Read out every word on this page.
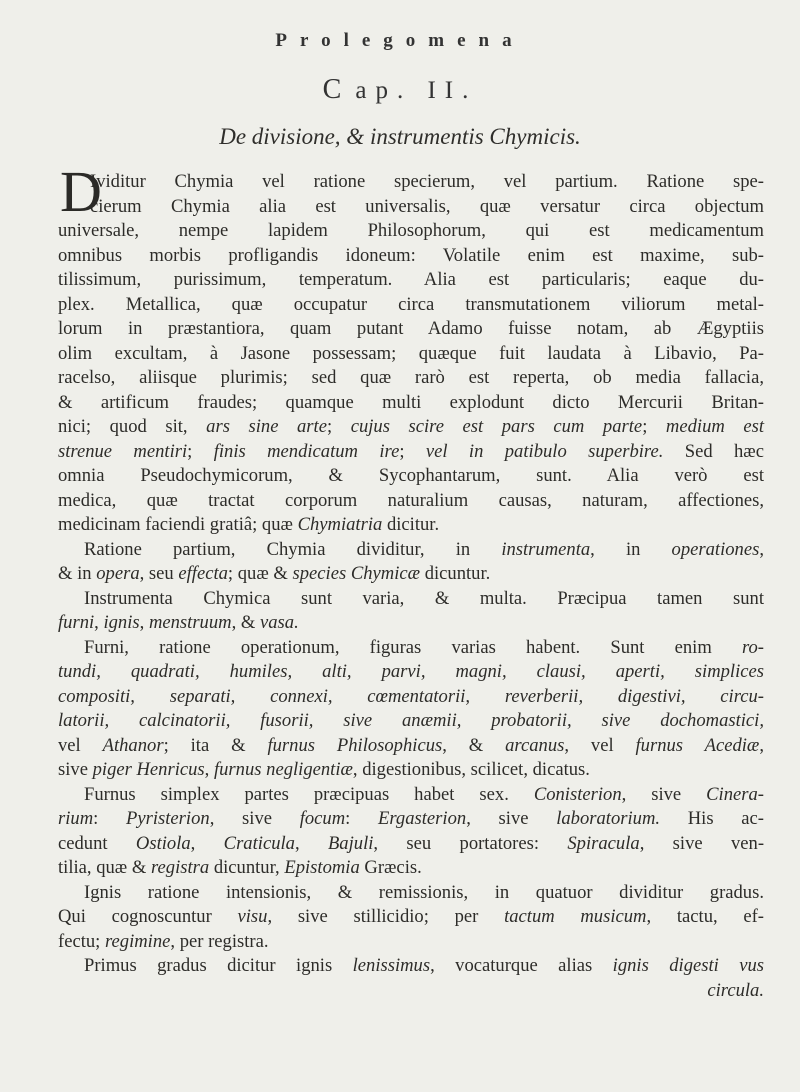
Prolegomena
Cap. II.
De divisione, & instrumentis Chymicis.
D
Ividitur Chymia vel ratione specierum, vel partium. Ratione spe-
cierum Chymia alia est universalis, quæ versatur circa objectum
universale, nempe lapidem Philosophorum, qui est medicamentum
omnibus morbis profligandis idoneum: Volatile enim est maxime, sub-
tilissimum, purissimum, temperatum. Alia est particularis; eaque du-
plex. Metallica, quæ occupatur circa transmutationem viliorum metal-
lorum in præstantiora, quam putant Adamo fuisse notam, ab Ægyptiis
olim excultam, à Jasone possessam; quæque fuit laudata à Libavio, Pa-
racelso, aliisque plurimis; sed quæ rarò est reperta, ob media fallacia,
& artificum fraudes; quamque multi explodunt dicto Mercurii Britan-
nici; quod sit, ars sine arte; cujus scire est pars cum parte; medium est
strenue mentiri; finis mendicatum ire; vel in patibulo superbire. Sed hæc
omnia Pseudochymicorum, & Sycophantarum, sunt. Alia verò est
medica, quæ tractat corporum naturalium causas, naturam, affectiones,
medicinam faciendi gratiâ; quæ Chymiatria dicitur.
Ratione partium, Chymia dividitur, in instrumenta, in operationes,
& in opera, seu effecta; quæ & species Chymicæ dicuntur.
Instrumenta Chymica sunt varia, & multa. Præcipua tamen sunt
furni, ignis, menstruum, & vasa.
Furni, ratione operationum, figuras varias habent. Sunt enim ro-
tundi, quadrati, humiles, alti, parvi, magni, clausi, aperti, simplices
compositi, separati, connexi, cœmentatorii, reverberii, digestivi, circu-
latorii, calcinatorii, fusorii, sive anæmii, probatorii, sive dochomastici,
vel Athanor; ita & furnus Philosophicus, & arcanus, vel furnus Acediæ,
sive piger Henricus, furnus negligentiæ, digestionibus, scilicet, dicatus.
Furnus simplex partes præcipuas habet sex. Conisterion, sive Cinera-
rium: Pyristerion, sive focum: Ergasterion, sive laboratorium. His ac-
cedunt Ostiola, Craticula, Bajuli, seu portatores: Spiracula, sive ven-
tilia, quæ & registra dicuntur, Epistomia Græcis.
Ignis ratione intensionis, & remissionis, in quatuor dividitur gradus.
Qui cognoscuntur visu, sive stillicidio; per tactum musicum, tactu, ef-
fectu; regimine, per registra.
Primus gradus dicitur ignis lenissimus, vocaturque alias ignis digesti vus
circula.
